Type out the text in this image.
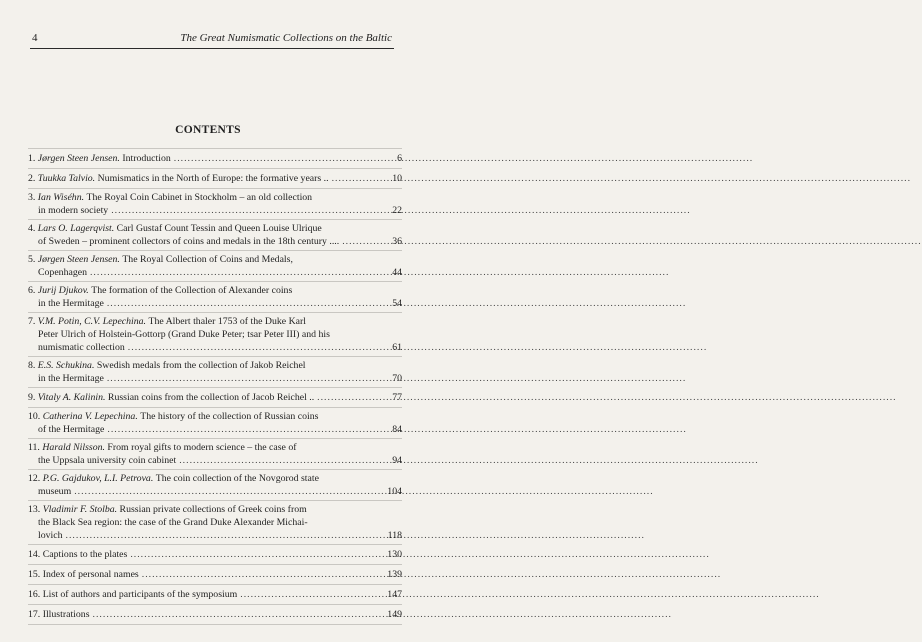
4	The Great Numismatic Collections on the Baltic
CONTENTS
1. Jørgen Steen Jensen. Introduction .....	6
2. Tuukka Talvio. Numismatics in the North of Europe: the formative years .. .....	10
3. Ian Wiséhn. The Royal Coin Cabinet in Stockholm – an old collection
in modern society .....	22
4. Lars O. Lagerqvist. Carl Gustaf Count Tessin and Queen Louise Ulrique
of Sweden – prominent collectors of coins and medals in the 18th century .... .....	36
5. Jørgen Steen Jensen. The Royal Collection of Coins and Medals,
Copenhagen .....	44
6. Jurij Djukov. The formation of the Collection of Alexander coins
in the Hermitage .....	54
7. V.M. Potin, C.V. Lepechina. The Albert thaler 1753 of the Duke Karl
Peter Ulrich of Holstein-Gottorp (Grand Duke Peter; tsar Peter III) and his
numismatic collection .....	61
8. E.S. Schukina. Swedish medals from the collection of Jakob Reichel
in the Hermitage .....	70
9. Vitaly A. Kalinin. Russian coins from the collection of Jacob Reichel .. .....	77
10. Catherina V. Lepechina. The history of the collection of Russian coins
of the Hermitage .....	84
11. Harald Nilsson. From royal gifts to modern science – the case of
the Uppsala university coin cabinet .....	94
12. P.G. Gajdukov, L.I. Petrova. The coin collection of the Novgorod state
museum .....	104
13. Vladimir F. Stolba. Russian private collections of Greek coins from
the Black Sea region: the case of the Grand Duke Alexander Michai-
lovich .....	118
14. Captions to the plates .....	130
15. Index of personal names .....	139
16. List of authors and participants of the symposium .....	147
17. Illustrations .....	149
